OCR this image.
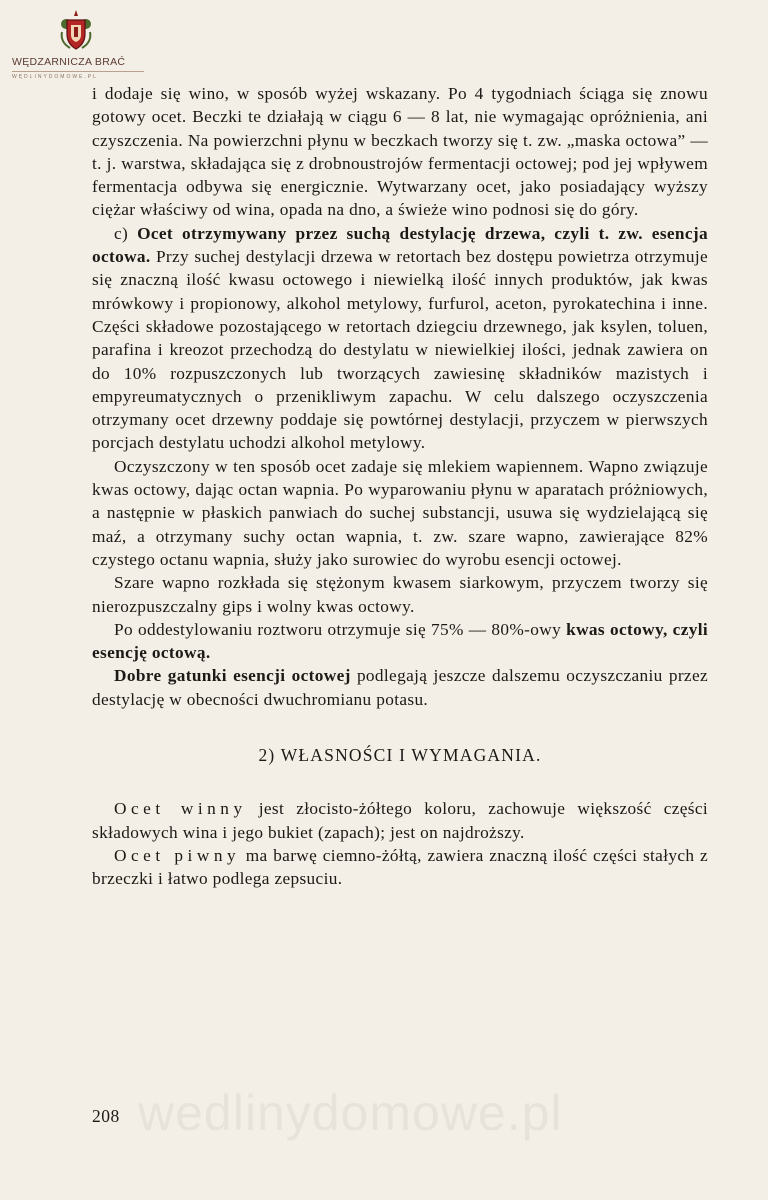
WĘDZARNICZA BRAĆ
WĘDLINYDOMOWE.PL
wedlinydomowe.pl

i dodaje się wino, w sposób wyżej wskazany. Po 4 tygodniach ściąga się znowu gotowy ocet. Beczki te działają w ciągu 6 — 8 lat, nie wymagając opróżnienia, ani czyszczenia. Na powierzchni płynu w beczkach tworzy się t. zw. „maska octowa” — t. j. warstwa, składająca się z drobnoustrojów fermentacji octowej; pod jej wpływem fermentacja odbywa się energicznie. Wytwarzany ocet, jako posiadający wyższy ciężar właściwy od wina, opada na dno, a świeże wino podnosi się do góry.

c) Ocet otrzymywany przez suchą destylację drzewa, czyli t. zw. esencja octowa. Przy suchej destylacji drzewa w retortach bez dostępu powietrza otrzymuje się znaczną ilość kwasu octowego i niewielką ilość innych produktów, jak kwas mrówkowy i propionowy, alkohol metylowy, furfurol, aceton, pyrokatechina i inne. Części składowe pozostającego w retortach dziegciu drzewnego, jak ksylen, toluen, parafina i kreozot przechodzą do destylatu w niewielkiej ilości, jednak zawiera on do 10% rozpuszczonych lub tworzących zawiesinę składników mazistych i empyreumatycznych o przenikliwym zapachu. W celu dalszego oczyszczenia otrzymany ocet drzewny poddaje się powtórnej destylacji, przyczem w pierwszych porcjach destylatu uchodzi alkohol metylowy.

Oczyszczony w ten sposób ocet zadaje się mlekiem wapiennem. Wapno związuje kwas octowy, dając octan wapnia. Po wyparowaniu płynu w aparatach próżniowych, a następnie w płaskich panwiach do suchej substancji, usuwa się wydzielającą się maź, a otrzymany suchy octan wapnia, t. zw. szare wapno, zawierające 82% czystego octanu wapnia, służy jako surowiec do wyrobu esencji octowej.

Szare wapno rozkłada się stężonym kwasem siarkowym, przyczem tworzy się nierozpuszczalny gips i wolny kwas octowy.

Po oddestylowaniu roztworu otrzymuje się 75% — 80%-owy kwas octowy, czyli esencję octową.

Dobre gatunki esencji octowej podlegają jeszcze dalszemu oczyszczaniu przez destylację w obecności dwuchromianu potasu.

2) WŁASNOŚCI I WYMAGANIA.

Ocet winny jest złocisto-żółtego koloru, zachowuje większość części składowych wina i jego bukiet (zapach); jest on najdroższy.

Ocet piwny ma barwę ciemno-żółtą, zawiera znaczną ilość części stałych z brzeczki i łatwo podlega zepsuciu.

208
